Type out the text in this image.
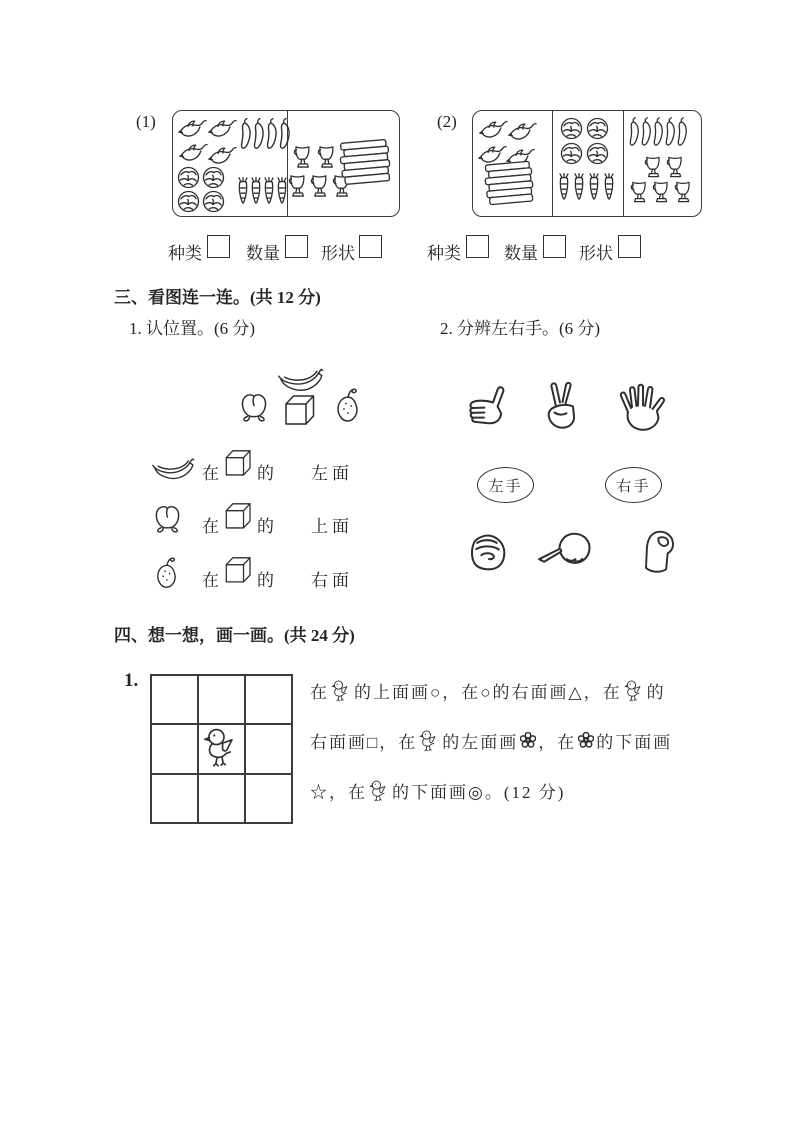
(1)
种类	数量 形状
(2)
种类	数量 形状
三、看图连一连。(共 12 分)
1. 认位置。(6 分)	2. 分辨左右手。(6 分)
在 的 左面
在 的 上面
在 的 右面
左手	右手
四、想一想，画一画。(共 24 分)
1.
在 的上面画○，在○的右面画△，在 的
右面画□，在 的左面画 ，在 的下面画
☆，在 的下面画◎。(12 分)
